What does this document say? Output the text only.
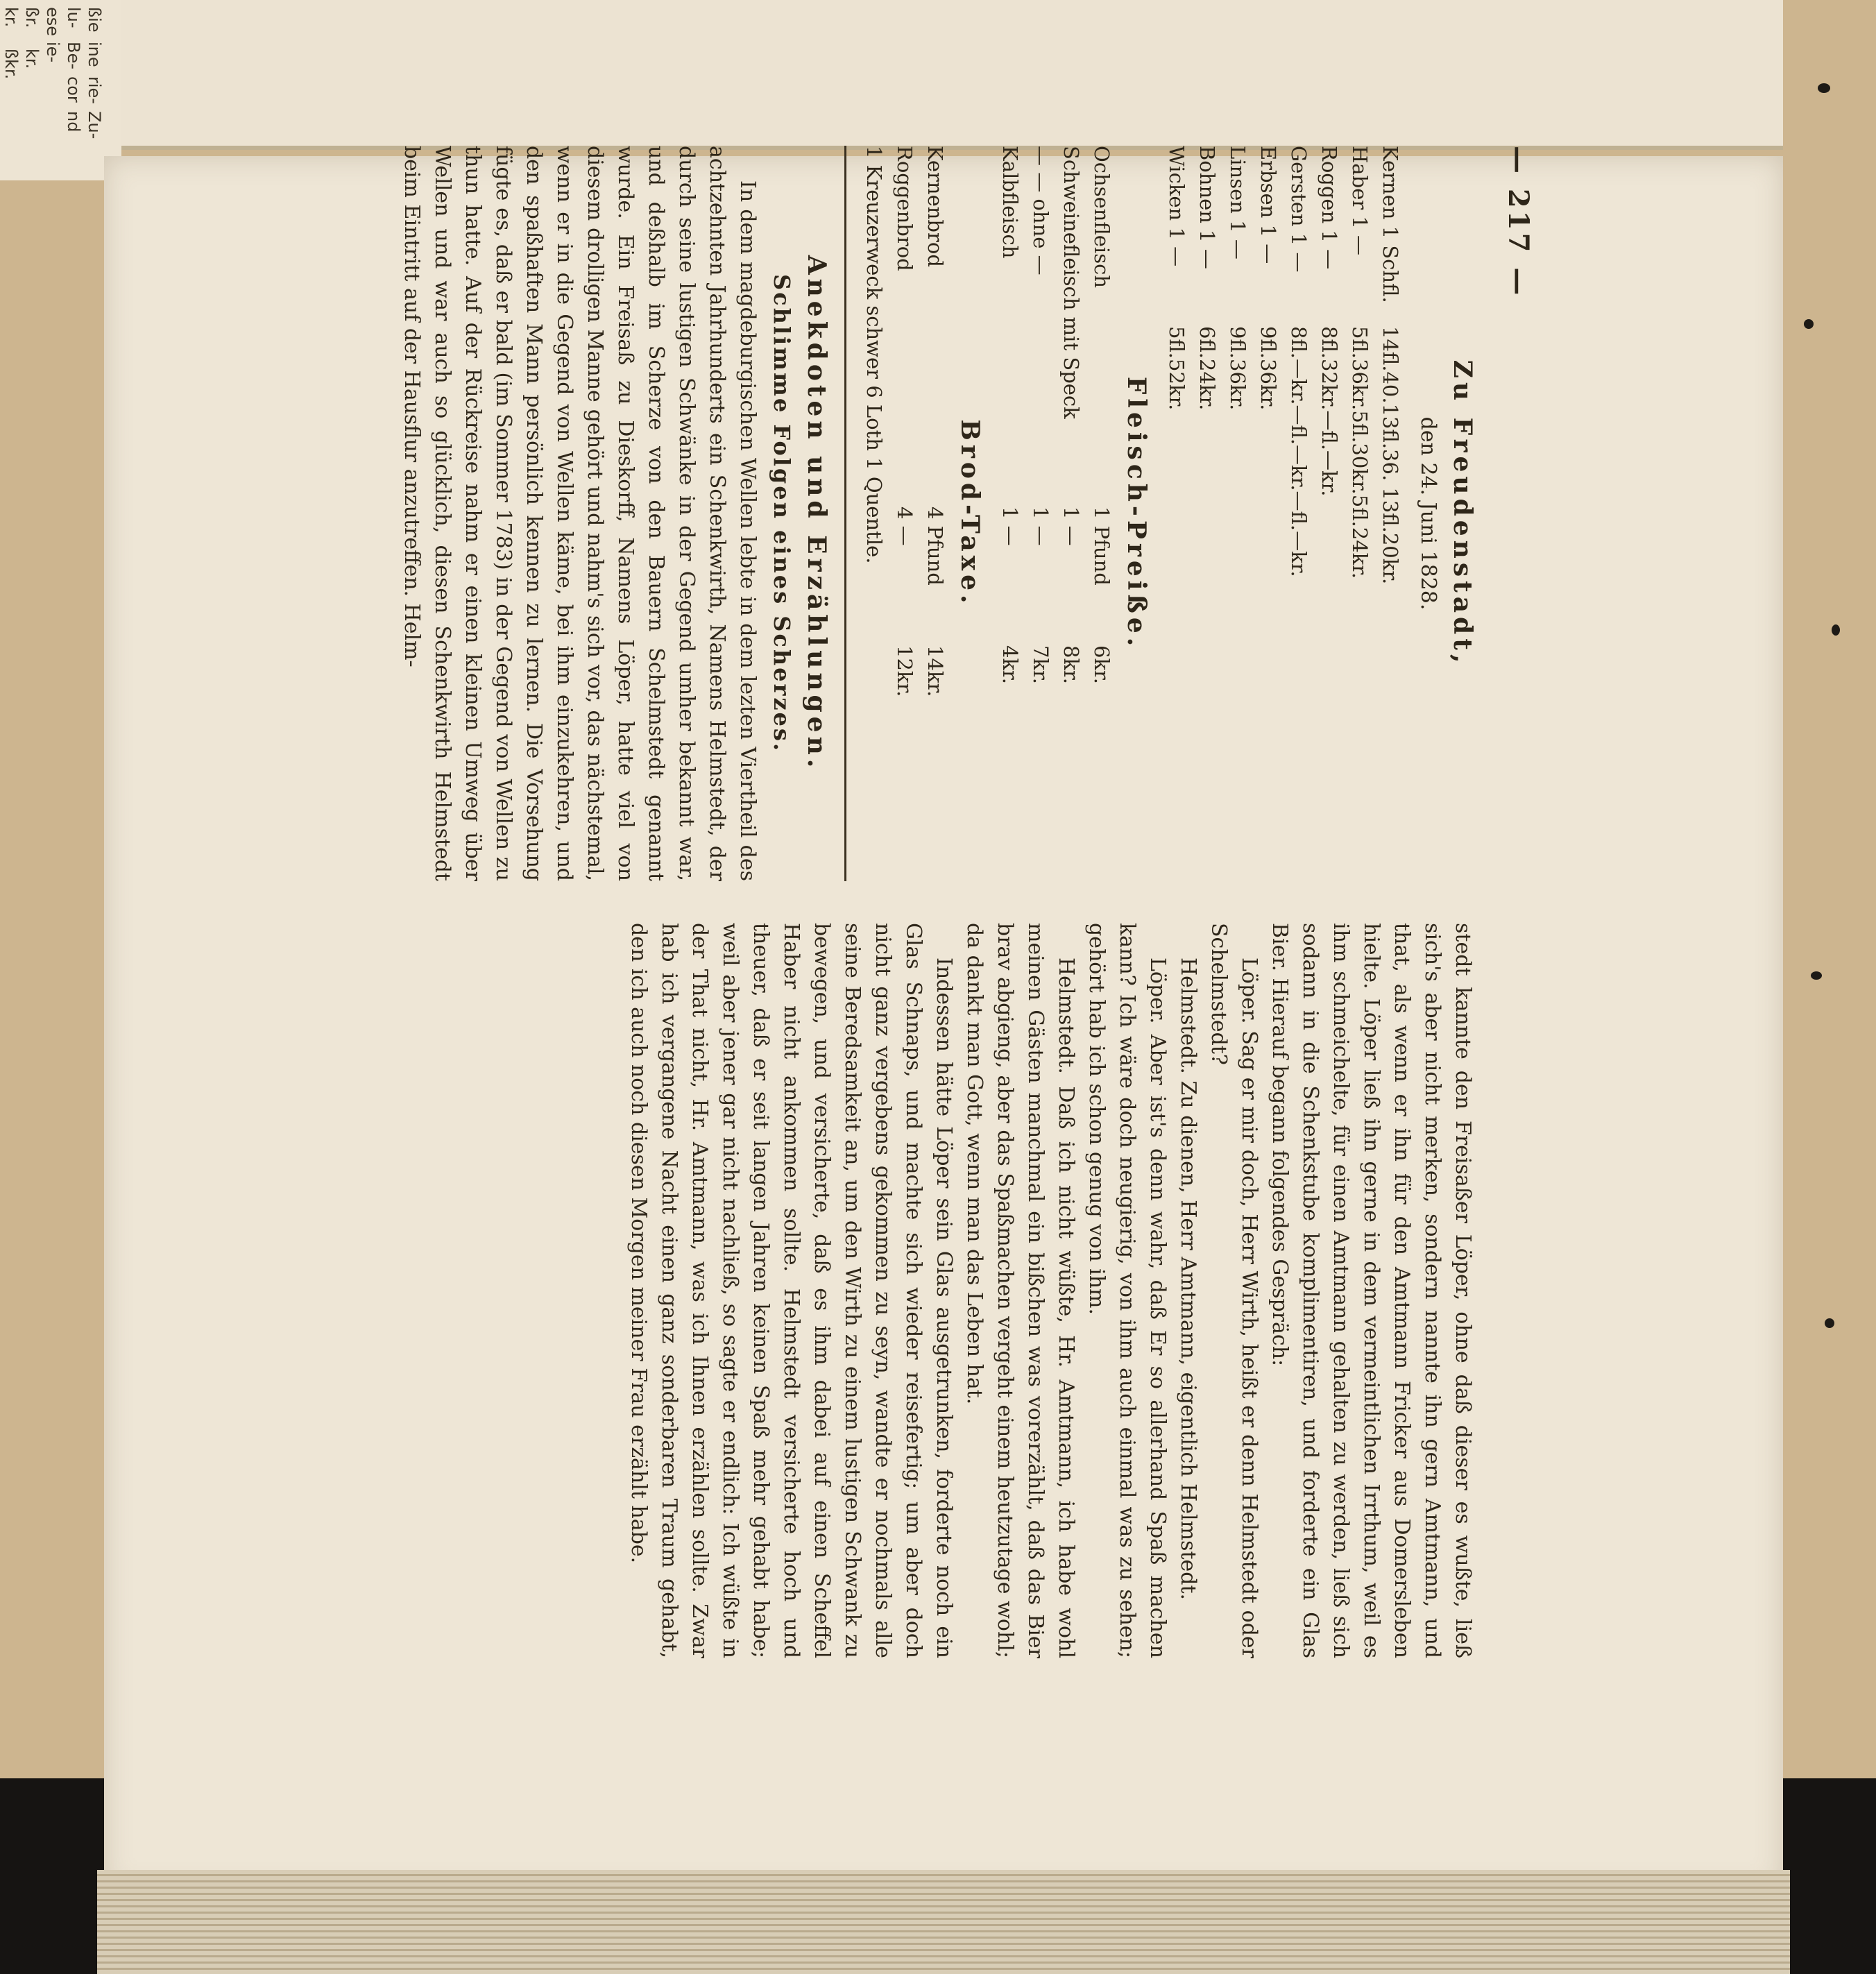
ßie
ine
rie-
Zu-
lu-
Be-
cor
nd
ese
ie-
ßr.
kr.
kr.
ßkr.
— 217 —
Zu Freudenstadt,
den 24. Juni 1828.
Kernen 1 Schfl.
14fl.40.13fl.36. 13fl.20kr.
Haber 1 —
5fl.36kr.5fl.30kr.5fl.24kr.
Roggen 1 —
8fl.32kr.—fl.—kr.
Gersten 1 —
8fl.—kr.—fl.—kr.—fl.—kr.
Erbsen 1 —
9fl.36kr.
Linsen 1 —
9fl.36kr.
Bohnen 1 —
6fl.24kr.
Wicken 1 —
5fl.52kr.
Fleisch-Preiße.
Ochsenfleisch
1 Pfund
6kr.
Schweinefleisch mit Speck
1 —
8kr.
— — ohne —
1 —
7kr.
Kalbfleisch
1 —
4kr.
Brod-Taxe.
Kernenbrod
4 Pfund
14kr.
Roggenbrod
4 —
12kr.
1 Kreuzerweck schwer 6 Loth 1 Quentle.
Anekdoten und Erzählungen.
Schlimme Folgen eines Scherzes.

In dem magdeburgischen Wellen lebte in dem lezten Viertheil des achtzehnten Jahrhunderts ein Schenkwirth, Namens Helmstedt, der durch seine lustigen Schwänke in der Gegend umher bekannt war, und deßhalb im Scherze von den Bauern Schelmstedt genannt wurde. Ein Freisaß zu Dieskorff, Namens Löper, hatte viel von diesem drolligen Manne gehört und nahm's sich vor, das nächstemal, wenn er in die Gegend von Wellen käme, bei ihm einzukehren, und den spaßhaften Mann persönlich kennen zu lernen. Die Vorsehung fügte es, daß er bald (im Sommer 1783) in der Gegend von Wellen zu thun hatte. Auf der Rückreise nahm er einen kleinen Umweg über Wellen und war auch so glücklich, diesen Schenkwirth Helmstedt beim Eintritt auf der Hausflur anzutreffen. Helm-

stedt kannte den Freisaßer Löper, ohne daß dieser es wußte, ließ sich's aber nicht merken, sondern nannte ihn gern Amtmann, und that, als wenn er ihn für den Amtmann Fricker aus Domersleben hielte. Löper ließ ihn gerne in dem vermeintlichen Irrthum, weil es ihm schmeichelte, für einen Amtmann gehalten zu werden, ließ sich sodann in die Schenkstube komplimentiren, und forderte ein Glas Bier. Hierauf begann folgendes Gespräch:

Löper. Sag er mir doch, Herr Wirth, heißt er denn Helmstedt oder Schelmstedt?

Helmstedt. Zu dienen, Herr Amtmann, eigentlich Helmstedt.

Löper. Aber ist's denn wahr, daß Er so allerhand Spaß machen kann? Ich wäre doch neugierig, von ihm auch einmal was zu sehen; gehört hab ich schon genug von ihm.

Helmstedt. Daß ich nicht wüßte, Hr. Amtmann, ich habe wohl meinen Gästen manchmal ein bißchen was vorerzählt, daß das Bier brav abgieng, aber das Spaßmachen vergeht einem heutzutage wohl; da dankt man Gott, wenn man das Leben hat.

Indessen hätte Löper sein Glas ausgetrunken, forderte noch ein Glas Schnaps, und machte sich wieder reisefertig; um aber doch nicht ganz vergebens gekommen zu seyn, wandte er nochmals alle seine Beredsamkeit an, um den Wirth zu einem lustigen Schwank zu bewegen, und versicherte, daß es ihm dabei auf einen Scheffel Haber nicht ankommen sollte. Helmstedt versicherte hoch und theuer, daß er seit langen Jahren keinen Spaß mehr gehabt habe; weil aber jener gar nicht nachließ, so sagte er endlich: Ich wüßte in der That nicht, Hr. Amtmann, was ich Ihnen erzählen sollte. Zwar hab ich vergangene Nacht einen ganz sonderbaren Traum gehabt, den ich auch noch diesen Morgen meiner Frau erzählt habe.
